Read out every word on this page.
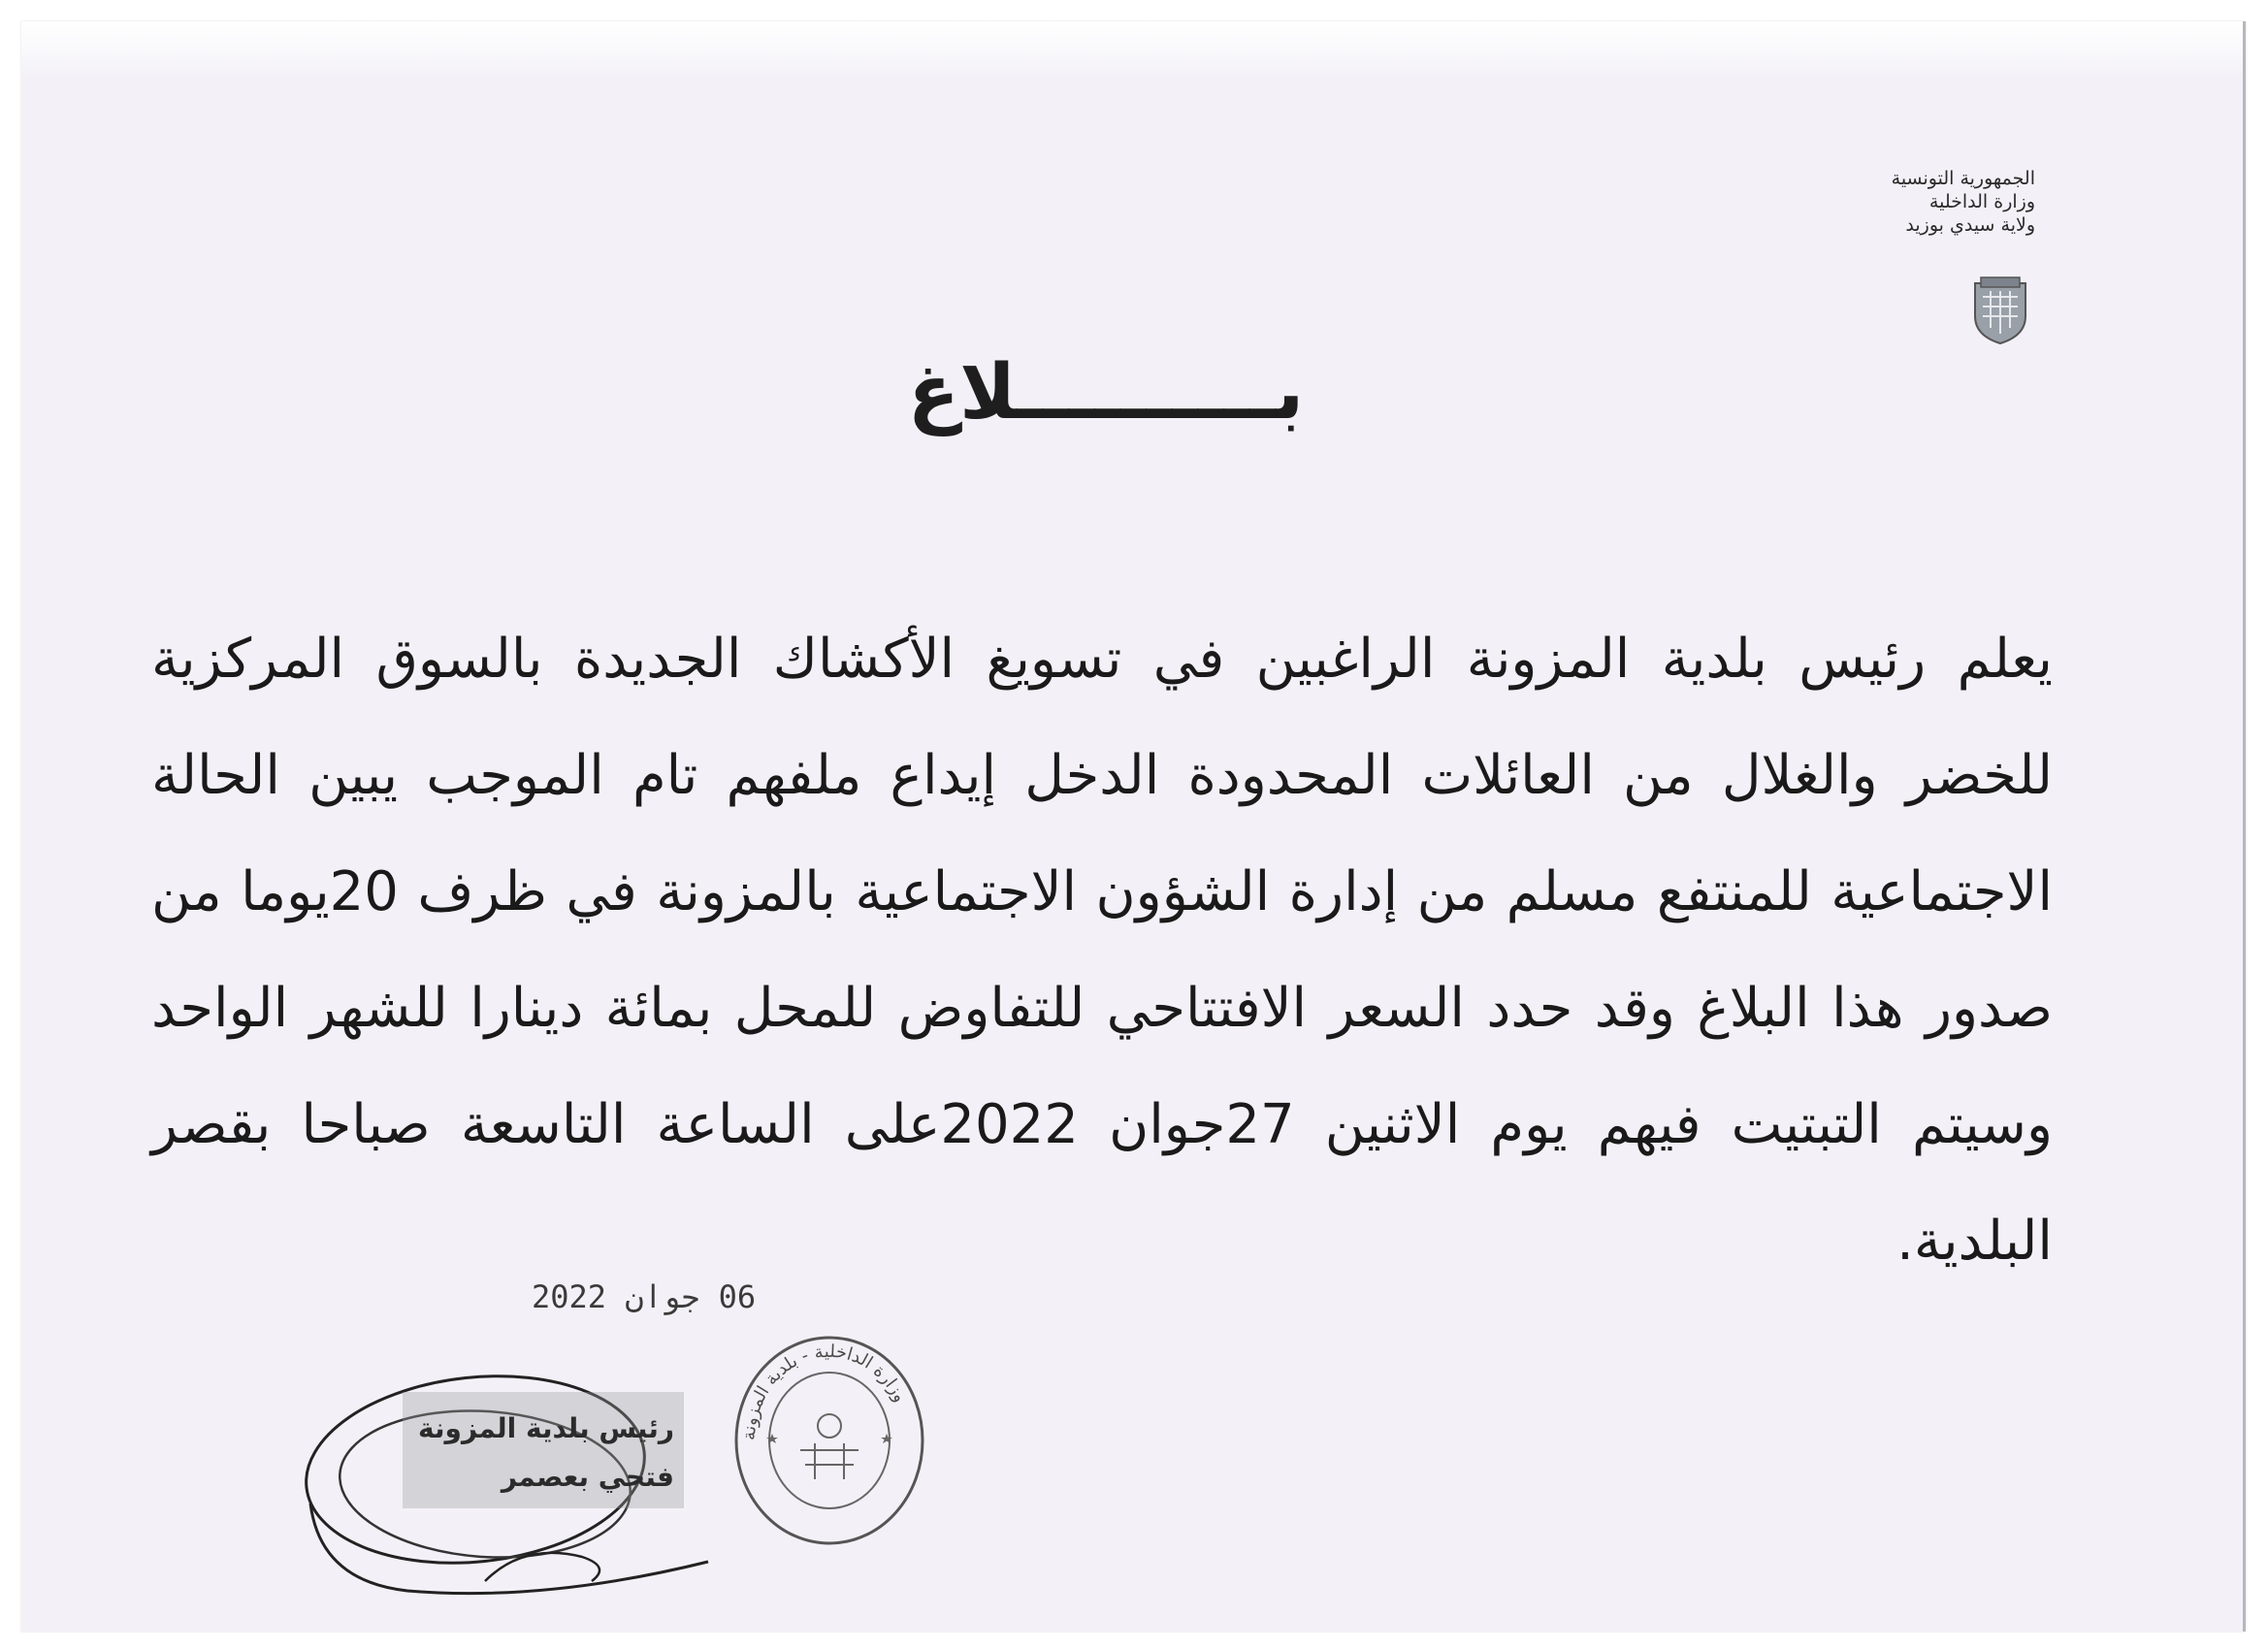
الجمهورية التونسية
وزارة الداخلية
ولاية سيدي بوزيد
بــــــــــلاغ

يعلم رئيس بلدية المزونة الراغبين في تسويغ الأكشاك الجديدة بالسوق المركزية للخضر والغلال من العائلات المحدودة الدخل إيداع ملفهم تام الموجب يبين الحالة الاجتماعية للمنتفع مسلم من إدارة الشؤون الاجتماعية بالمزونة في ظرف 20يوما من صدور هذا البلاغ وقد حدد السعر الافتتاحي للتفاوض للمحل بمائة دينارا للشهر الواحد وسيتم التبتيت فيهم يوم الاثنين 27جوان 2022على الساعة التاسعة صباحا بقصر البلدية.

06 جوان 2022
رئيس بلدية المزونة
فتحي بعصمر
وزارة الداخلية - بلدية المزونة
